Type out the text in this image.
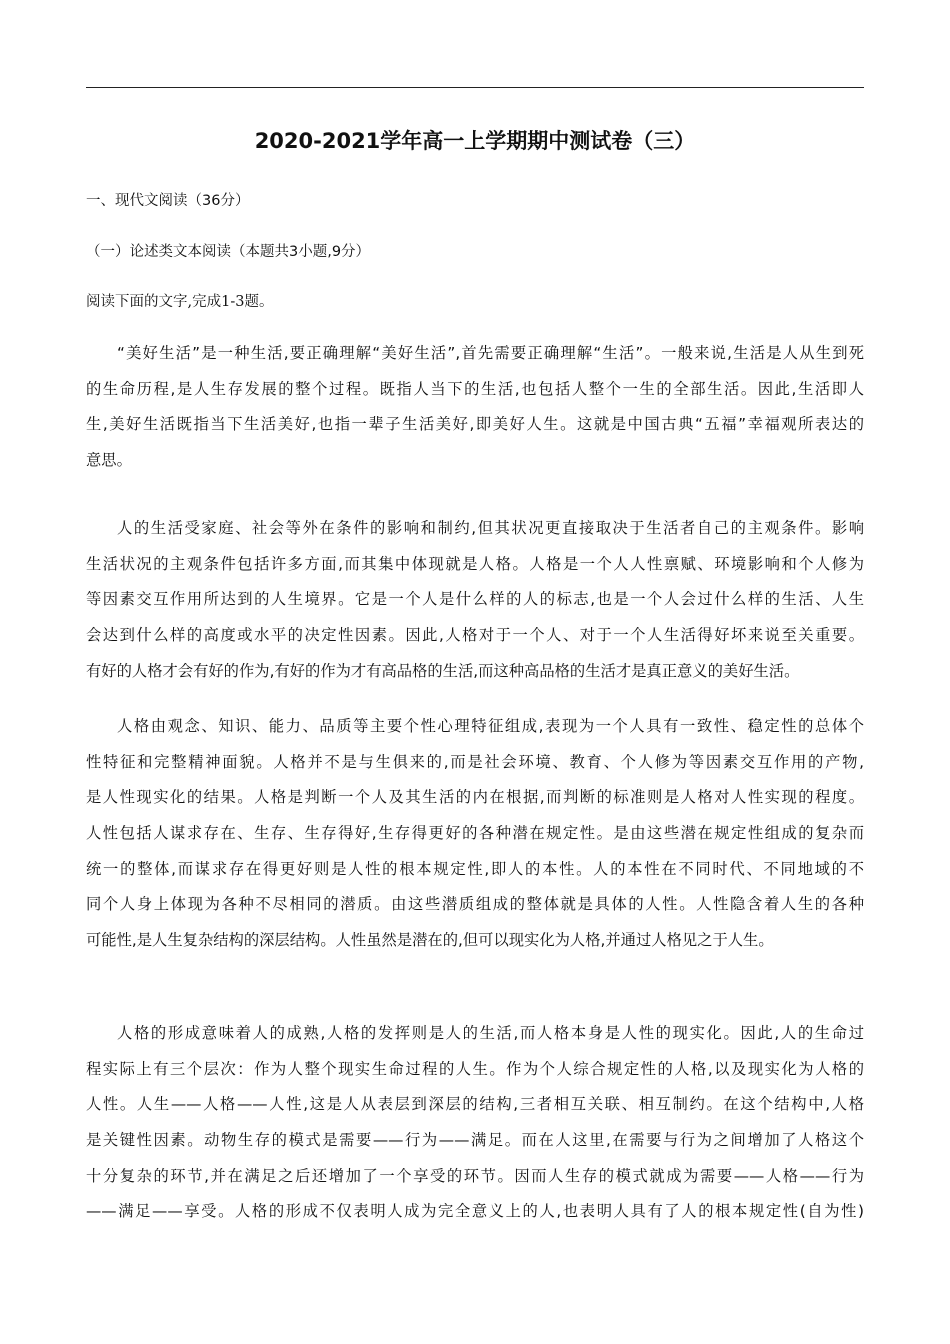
2020-2021学年高一上学期期中测试卷（三）
一、现代文阅读（36分）
（一）论述类文本阅读（本题共3小题,9分）
阅读下面的文字,完成1-3题。
“美好生活”是一种生活,要正确理解“美好生活”,首先需要正确理解“生活”。一般来说,生活是人从生到死
的生命历程,是人生存发展的整个过程。既指人当下的生活,也包括人整个一生的全部生活。因此,生活即人
生,美好生活既指当下生活美好,也指一辈子生活美好,即美好人生。这就是中国古典“五福”幸福观所表达的
意思。
人的生活受家庭、社会等外在条件的影响和制约,但其状况更直接取决于生活者自己的主观条件。影响
生活状况的主观条件包括许多方面,而其集中体现就是人格。人格是一个人人性禀赋、环境影响和个人修为
等因素交互作用所达到的人生境界。它是一个人是什么样的人的标志,也是一个人会过什么样的生活、人生
会达到什么样的高度或水平的决定性因素。因此,人格对于一个人、对于一个人生活得好坏来说至关重要。
有好的人格才会有好的作为,有好的作为才有高品格的生活,而这种高品格的生活才是真正意义的美好生活。
人格由观念、知识、能力、品质等主要个性心理特征组成,表现为一个人具有一致性、稳定性的总体个
性特征和完整精神面貌。人格并不是与生俱来的,而是社会环境、教育、个人修为等因素交互作用的产物,
是人性现实化的结果。人格是判断一个人及其生活的内在根据,而判断的标准则是人格对人性实现的程度。
人性包括人谋求存在、生存、生存得好,生存得更好的各种潜在规定性。是由这些潜在规定性组成的复杂而
统一的整体,而谋求存在得更好则是人性的根本规定性,即人的本性。人的本性在不同时代、不同地域的不
同个人身上体现为各种不尽相同的潜质。由这些潜质组成的整体就是具体的人性。人性隐含着人生的各种
可能性,是人生复杂结构的深层结构。人性虽然是潜在的,但可以现实化为人格,并通过人格见之于人生。
人格的形成意味着人的成熟,人格的发挥则是人的生活,而人格本身是人性的现实化。因此,人的生命过
程实际上有三个层次：作为人整个现实生命过程的人生。作为个人综合规定性的人格,以及现实化为人格的
人性。人生——人格——人性,这是人从表层到深层的结构,三者相互关联、相互制约。在这个结构中,人格
是关键性因素。动物生存的模式是需要——行为——满足。而在人这里,在需要与行为之间增加了人格这个
十分复杂的环节,并在满足之后还增加了一个享受的环节。因而人生存的模式就成为需要——人格——行为
——满足——享受。人格的形成不仅表明人成为完全意义上的人,也表明人具有了人的根本规定性(自为性)
